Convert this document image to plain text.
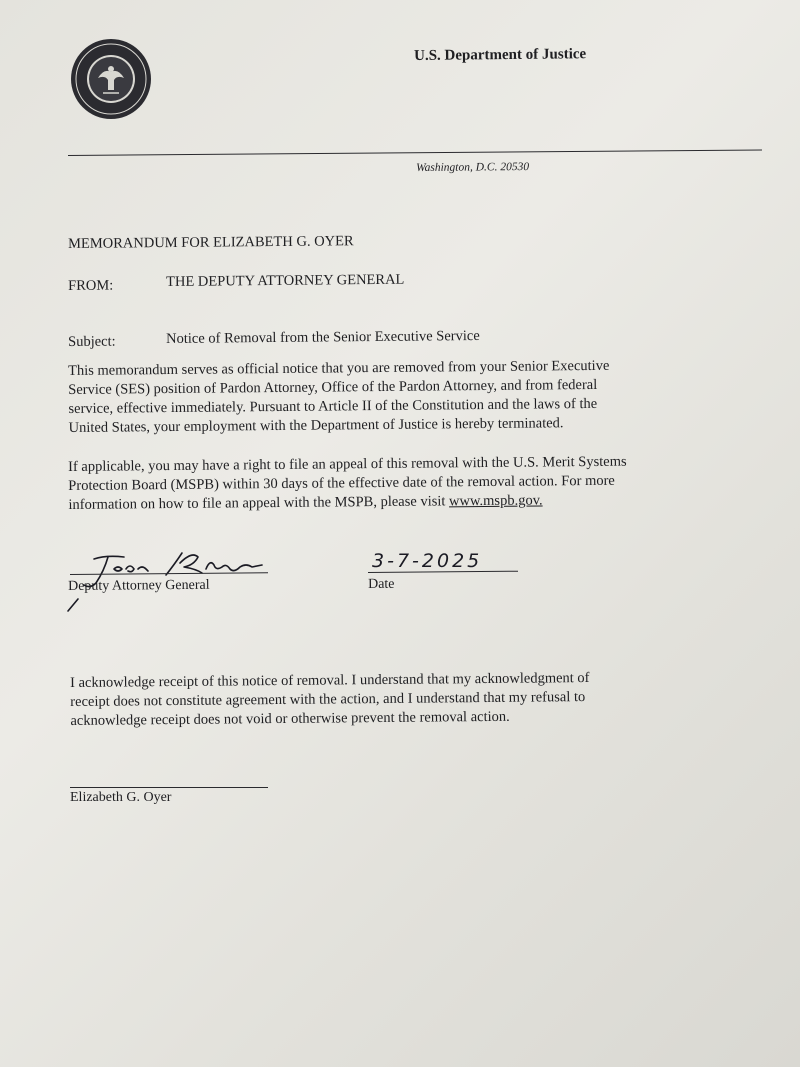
U.S. Department of Justice
Washington, D.C. 20530
MEMORANDUM FOR ELIZABETH G. OYER
FROM:	THE DEPUTY ATTORNEY GENERAL
Subject:	Notice of Removal from the Senior Executive Service
This memorandum serves as official notice that you are removed from your Senior Executive
Service (SES) position of Pardon Attorney, Office of the Pardon Attorney, and from federal
service, effective immediately. Pursuant to Article II of the Constitution and the laws of the
United States, your employment with the Department of Justice is hereby terminated.
If applicable, you may have a right to file an appeal of this removal with the U.S. Merit Systems
Protection Board (MSPB) within 30 days of the effective date of the removal action. For more
information on how to file an appeal with the MSPB, please visit www.mspb.gov.
Deputy Attorney General
3-7-2025
Date
I acknowledge receipt of this notice of removal. I understand that my acknowledgment of
receipt does not constitute agreement with the action, and I understand that my refusal to
acknowledge receipt does not void or otherwise prevent the removal action.
Elizabeth G. Oyer
